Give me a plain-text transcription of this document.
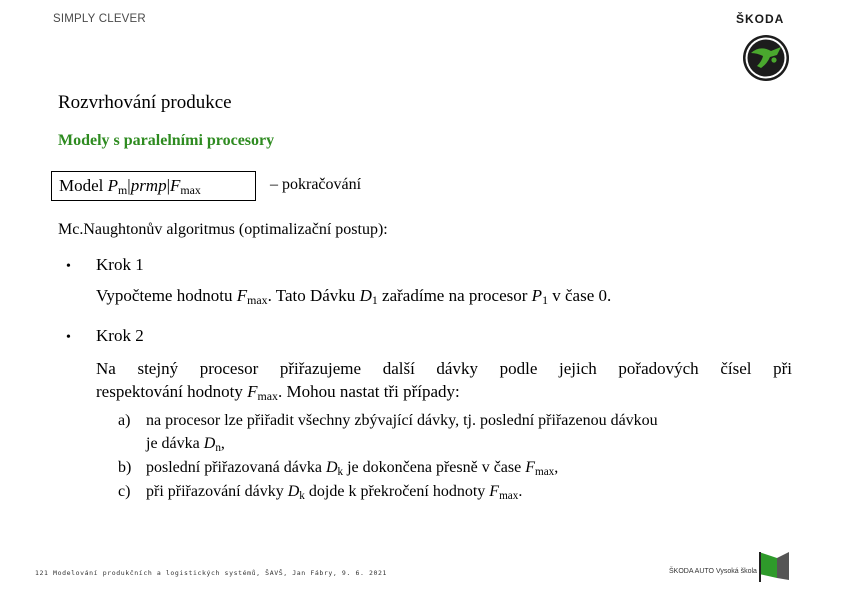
SIMPLY CLEVER	ŠKODA
Rozvrhování produkce
Modely s paralelními procesory
Model Pm|prmp|Fmax	– pokračování
Mc.Naughtonův algoritmus (optimalizační postup):
• Krok 1
Vypočteme hodnotu Fmax. Tato Dávku D1 zařadíme na procesor P1 v čase 0.
• Krok 2
Na stejný procesor přiřazujeme další dávky podle jejich pořadových čísel při
respektování hodnoty Fmax. Mohou nastat tři případy:
a) na procesor lze přiřadit všechny zbývající dávky, tj. poslední přiřazenou dávkou
je dávka Dn,
b) poslední přiřazovaná dávka Dk je dokončena přesně v čase Fmax,
c) při přiřazování dávky Dk dojde k překročení hodnoty Fmax.
121 Modelování produkčních a logistických systémů, ŠAVŠ, Jan Fábry, 9. 6. 2021	ŠKODA AUTO Vysoká škola
